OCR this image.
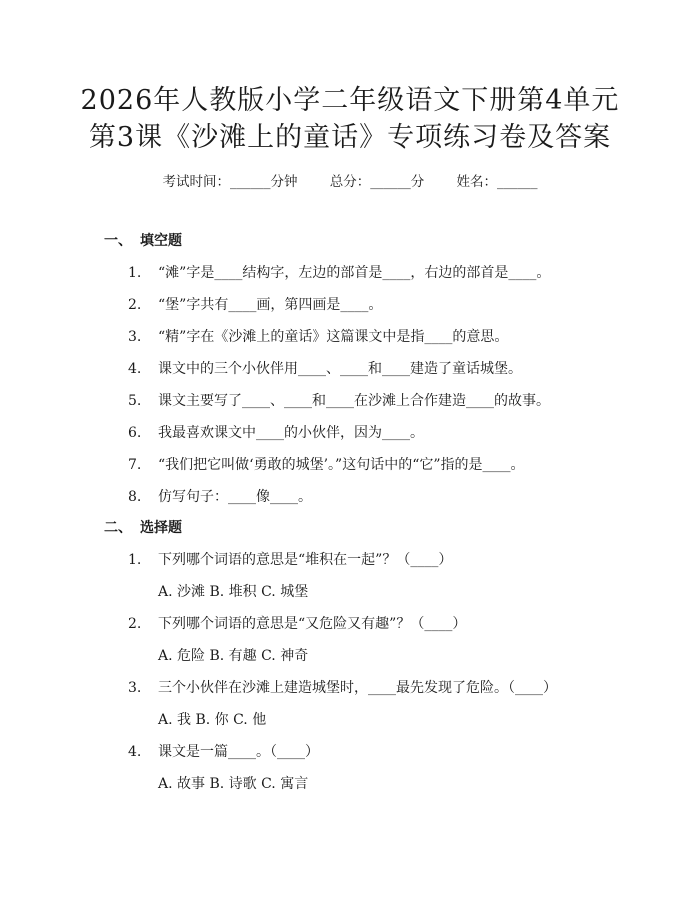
2026年人教版小学二年级语文下册第4单元
第3课《沙滩上的童话》专项练习卷及答案
考试时间：______分钟 总分：______分 姓名：______
一、 填空题
1. “滩”字是____结构字，左边的部首是____，右边的部首是____。
2. “堡”字共有____画，第四画是____。
3. “精”字在《沙滩上的童话》这篇课文中是指____的意思。
4. 课文中的三个小伙伴用____、____和____建造了童话城堡。
5. 课文主要写了____、____和____在沙滩上合作建造____的故事。
6. 我最喜欢课文中____的小伙伴，因为____。
7. “我们把它叫做‘勇敢的城堡’。”这句话中的“它”指的是____。
8. 仿写句子：____像____。
二、 选择题
1. 下列哪个词语的意思是“堆积在一起”？（____）
A. 沙滩 B. 堆积 C. 城堡
2. 下列哪个词语的意思是“又危险又有趣”？（____）
A. 危险 B. 有趣 C. 神奇
3. 三个小伙伴在沙滩上建造城堡时，____最先发现了危险。（____）
A. 我 B. 你 C. 他
4. 课文是一篇____。（____）
A. 故事 B. 诗歌 C. 寓言
